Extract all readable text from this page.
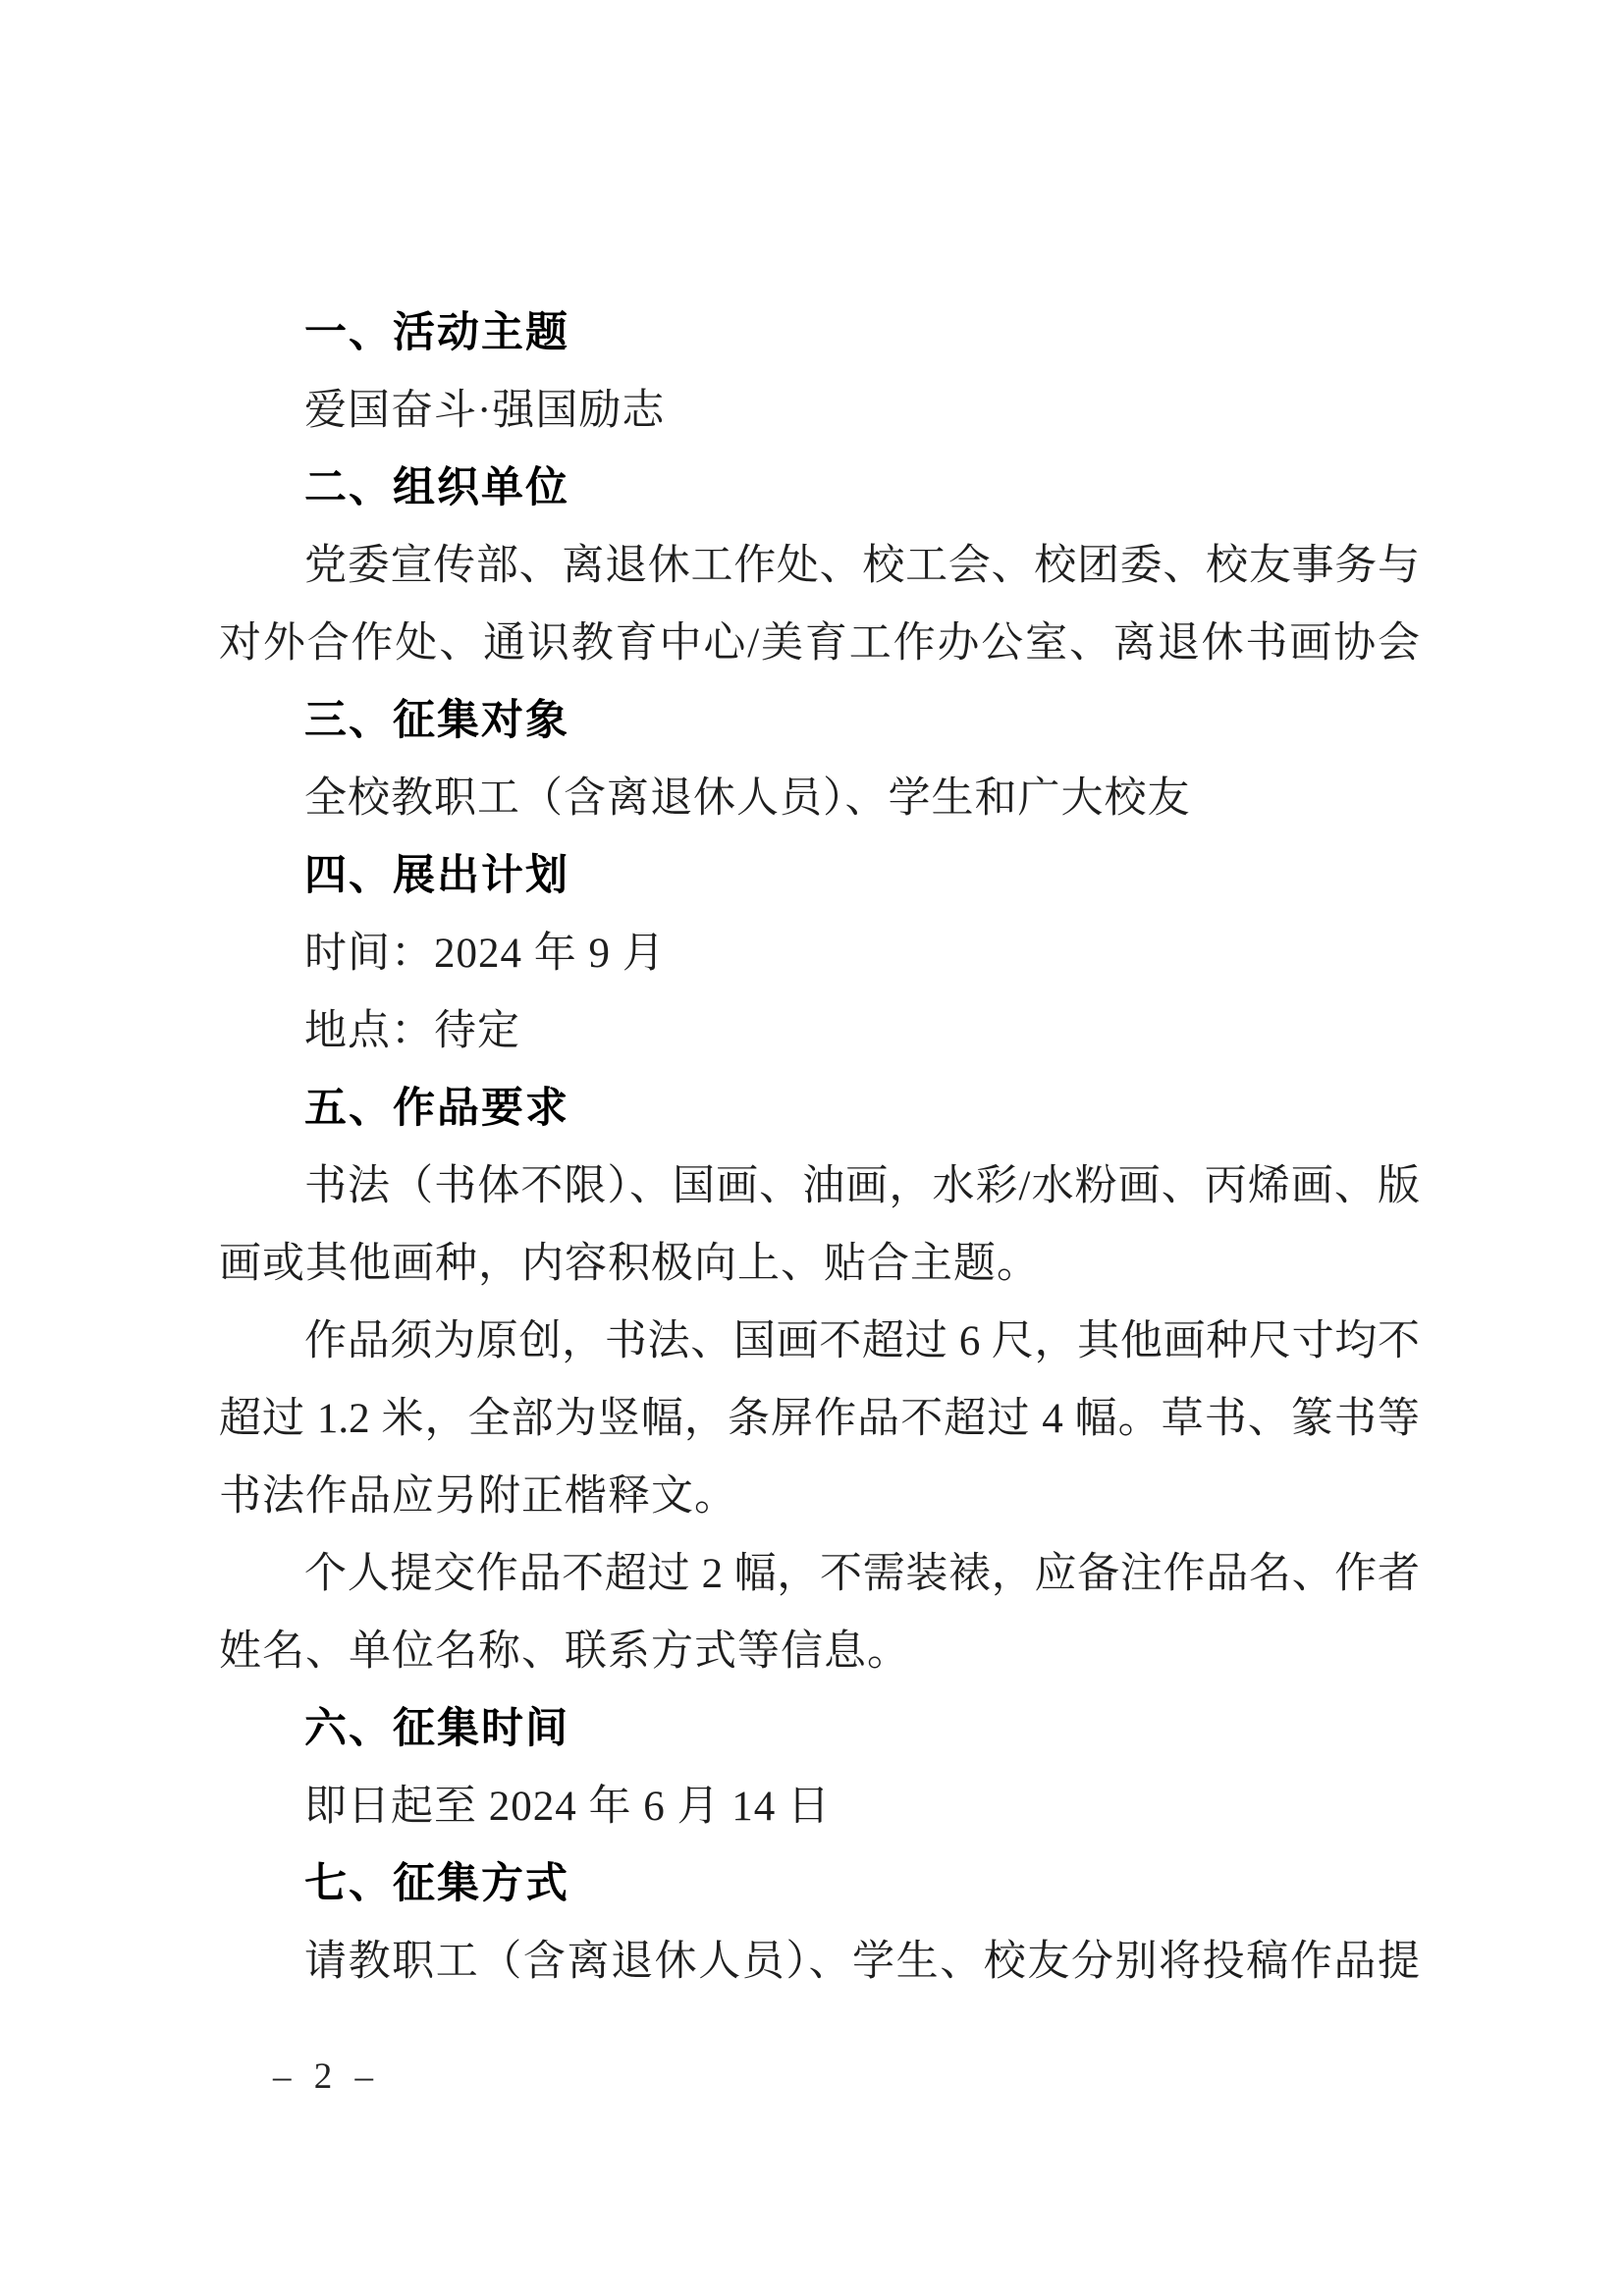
一、活动主题
爱国奋斗·强国励志
二、组织单位
党委宣传部、离退休工作处、校工会、校团委、校友事务与
对外合作处、通识教育中心/美育工作办公室、离退休书画协会
三、征集对象
全校教职工（含离退休人员）、学生和广大校友
四、展出计划
时间：2024 年 9 月
地点：待定
五、作品要求
书法（书体不限）、国画、油画，水彩/水粉画、丙烯画、版
画或其他画种，内容积极向上、贴合主题。
作品须为原创，书法、国画不超过 6 尺，其他画种尺寸均不
超过 1.2 米，全部为竖幅，条屏作品不超过 4 幅。草书、篆书等
书法作品应另附正楷释文。
个人提交作品不超过 2 幅，不需装裱，应备注作品名、作者
姓名、单位名称、联系方式等信息。
六、征集时间
即日起至 2024 年 6 月 14 日
七、征集方式
请教职工（含离退休人员）、学生、校友分别将投稿作品提
– 2 –
